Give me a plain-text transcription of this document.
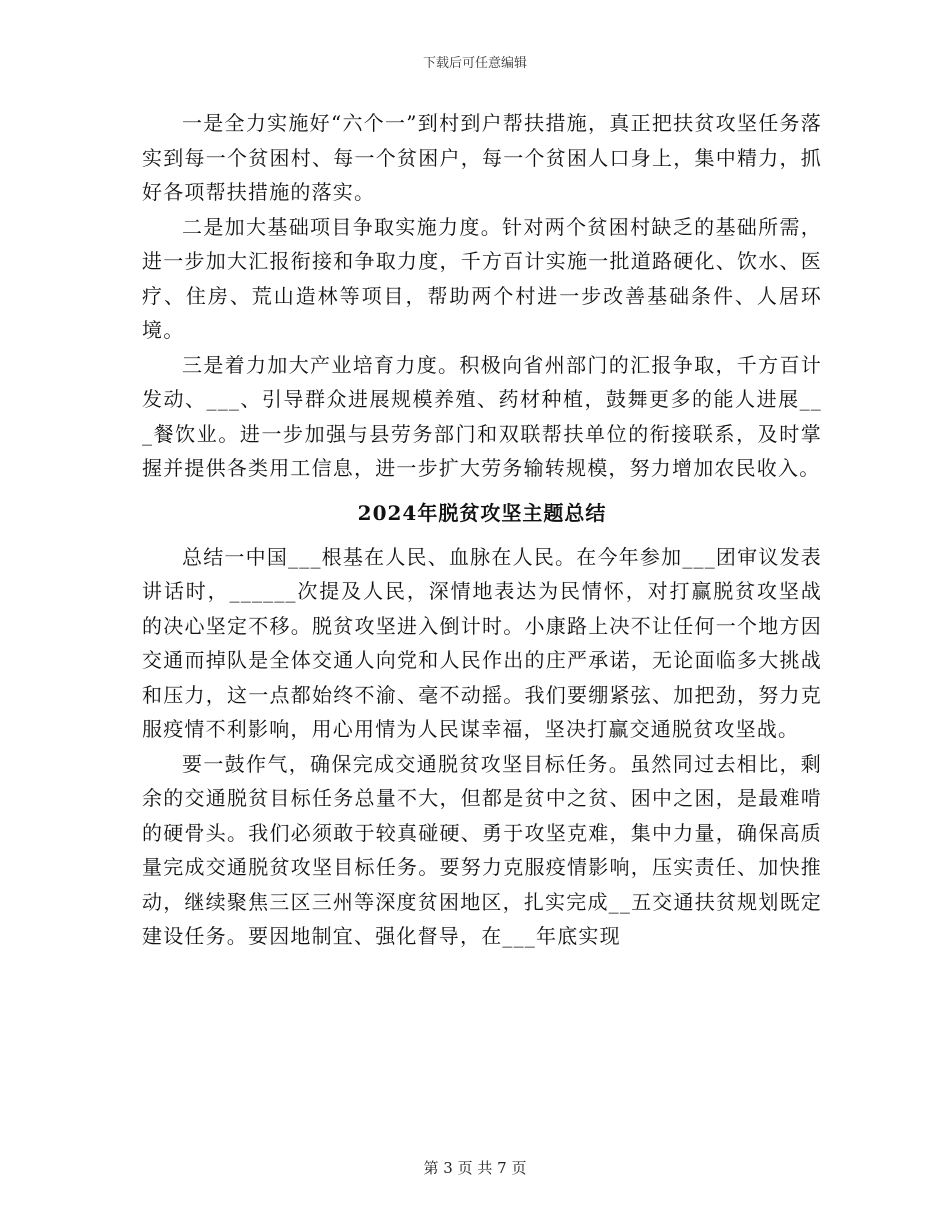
下载后可任意编辑

一是全力实施好“六个一”到村到户帮扶措施，真正把扶贫攻坚任务落实到每一个贫困村、每一个贫困户，每一个贫困人口身上，集中精力，抓好各项帮扶措施的落实。

二是加大基础项目争取实施力度。针对两个贫困村缺乏的基础所需，进一步加大汇报衔接和争取力度，千方百计实施一批道路硬化、饮水、医疗、住房、荒山造林等项目，帮助两个村进一步改善基础条件、人居环境。

三是着力加大产业培育力度。积极向省州部门的汇报争取，千方百计发动、___、引导群众进展规模养殖、药材种植，鼓舞更多的能人进展___餐饮业。进一步加强与县劳务部门和双联帮扶单位的衔接联系，及时掌握并提供各类用工信息，进一步扩大劳务输转规模，努力增加农民收入。

2024年脱贫攻坚主题总结

总结一中国___根基在人民、血脉在人民。在今年参加___团审议发表讲话时，______次提及人民，深情地表达为民情怀，对打赢脱贫攻坚战的决心坚定不移。脱贫攻坚进入倒计时。小康路上决不让任何一个地方因交通而掉队是全体交通人向党和人民作出的庄严承诺，无论面临多大挑战和压力，这一点都始终不渝、毫不动摇。我们要绷紧弦、加把劲，努力克服疫情不利影响，用心用情为人民谋幸福，坚决打赢交通脱贫攻坚战。

要一鼓作气，确保完成交通脱贫攻坚目标任务。虽然同过去相比，剩余的交通脱贫目标任务总量不大，但都是贫中之贫、困中之困，是最难啃的硬骨头。我们必须敢于较真碰硬、勇于攻坚克难，集中力量，确保高质量完成交通脱贫攻坚目标任务。要努力克服疫情影响，压实责任、加快推动，继续聚焦三区三州等深度贫困地区，扎实完成__五交通扶贫规划既定建设任务。要因地制宜、强化督导，在___年底实现

第 3 页 共 7 页
